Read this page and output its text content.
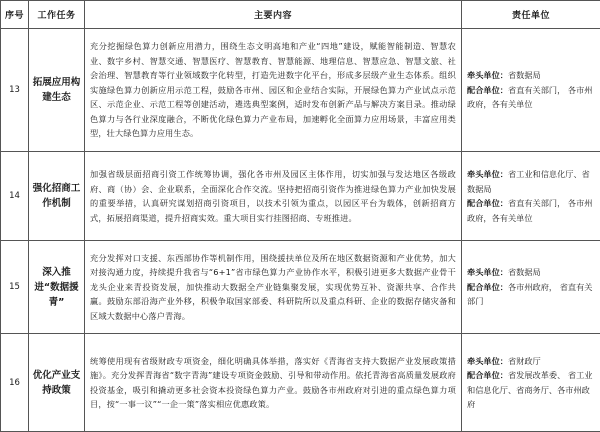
序号	工作任务	主要内容	责任单位
13	拓展应用构建生态	充分挖掘绿色算力创新应用潜力，围绕生态文明高地和产业“四地”建设，赋能智能制造、智慧农业、数字乡村、智慧交通、智慧医疗、智慧教育、智慧能源、地理信息、智慧应急、智慧文旅、社会治理、智慧教育等行业领域数字化转型，打造先进数字化平台，形成多层级产业生态体系。组织实施绿色算力创新应用示范工程，鼓励各市州、园区和企业结合实际，开展绿色算力产业试点示范区、示范企业、示范工程等创建活动，遴选典型案例，适时发布创新产品与解决方案目录。推动绿色算力与各行业深度融合，不断优化绿色算力产业布局，加速孵化全面算力应用场景，丰富应用类型，壮大绿色算力应用生态。	牵头单位：省数据局
配合单位：省直有关部门， 各市州政府，各有关单位
14	强化招商工作机制	加强省级层面招商引资工作统筹协调，强化各市州及园区主体作用，切实加强与发达地区各级政府、商（协）会、企业联系，全面深化合作交流。坚持把招商引资作为推进绿色算力产业加快发展的重要举措，认真研究谋划招商引资项目，以技术引领为重点，以园区平台为载体，创新招商方式，拓展招商渠道，提升招商实效。重大项目实行挂图招商、专班推进。	牵头单位：省工业和信息化厅、省数据局
配合单位：省直有关部门， 各市州政府，各有关单位
15	深入推进“数据援青”	充分发挥对口支援、东西部协作等机制作用，围绕援扶单位及所在地区数据资源和产业优势，加大对接沟通力度，持续提升我省与“6+1”省市绿色算力产业协作水平，积极引进更多大数据产业骨干龙头企业来青投资发展，加快推动大数据全产业链集聚发展，实现优势互补、资源共享、合作共赢。鼓励东部沿海产业外移，积极争取国家部委、科研院所以及重点科研、企业的数据存储灾备和区域大数据中心落户青海。	牵头单位：省数据局
配合单位：各市州政府， 省直有关部门
16	优化产业支持政策	统筹使用现有省级财政专项资金，细化明确具体举措，落实好《青海省支持大数据产业发展政策措施》。充分发挥青海省“数字青海”建设专项资金鼓励、引导和带动作用。依托青海省高质量发展政府投资基金，吸引和撬动更多社会资本投资绿色算力产业。鼓励各市州政府对引进的重点绿色算力项目，按“一事一议”“一企一策”落实相应优惠政策。	牵头单位：省财政厅
配合单位：省发展改革委、 省工业和信息化厅、省商务厅、各市州政府
